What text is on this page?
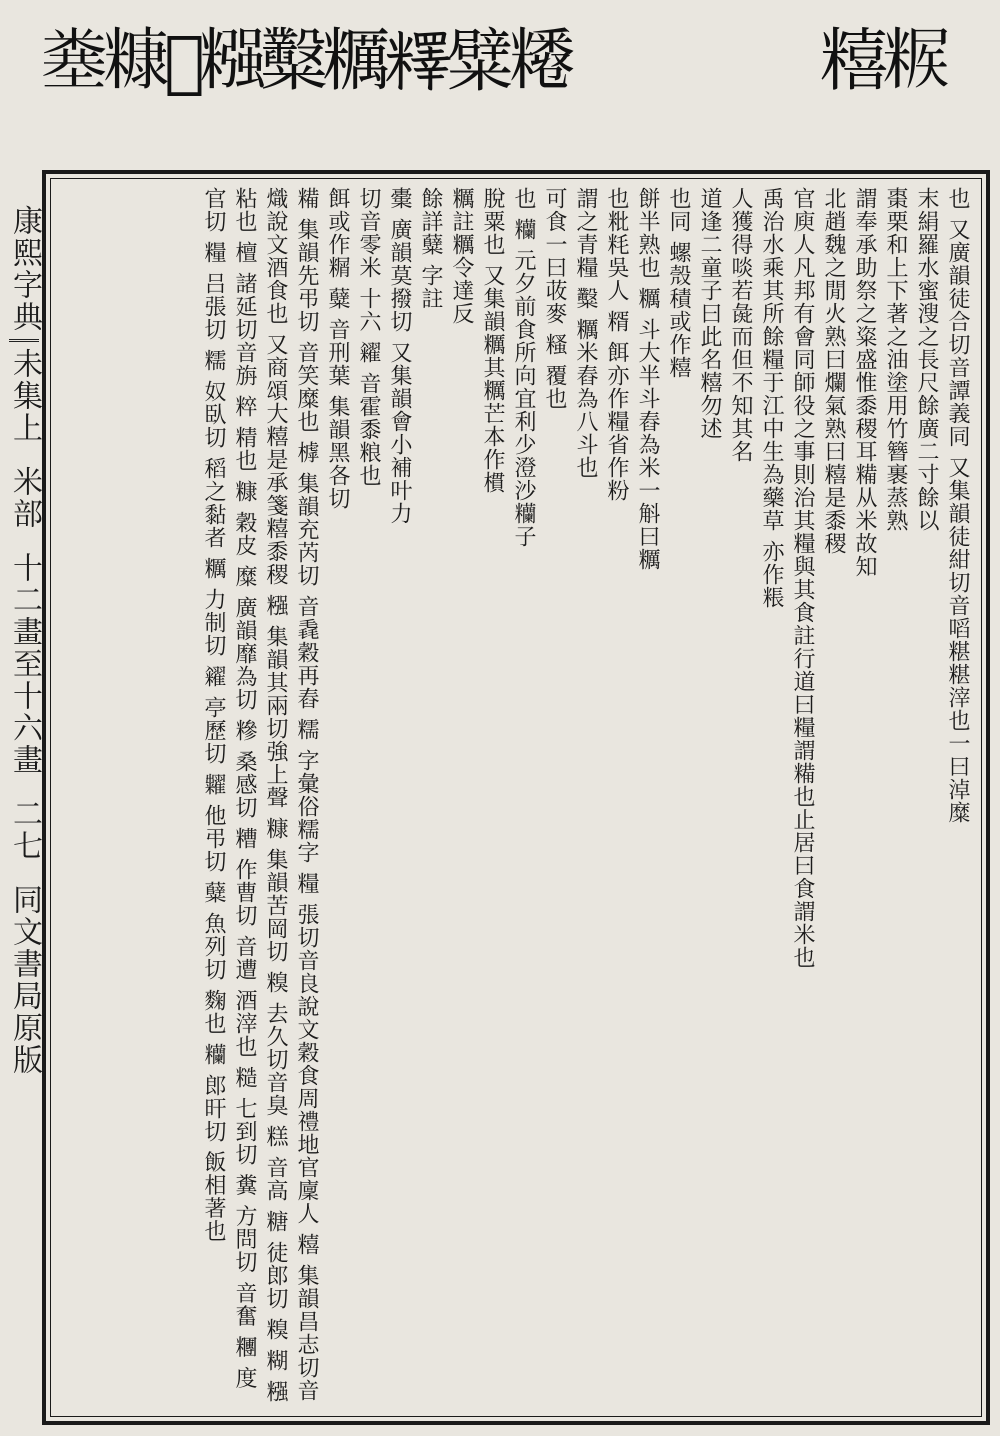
糦𥺶
糳糲𥼶糪𥽊
𥻎糠𥼵糨
康熙字典
未集上
米部
十二畫至十六畫
二七
同文書局原版
也 又廣韻徒合切音譚義同 又集韻徒紺切音㗖糂糂滓也一曰淖糜
末絹羅水蜜溲之長尺餘廣二寸餘以
棗栗和上下著之油塗用竹簪裹蒸熟
謂奉承助祭之粢盛惟黍稷耳糒从米故知
北趙魏之閒火熟曰爛氣熟曰糦是黍稷
官庾人凡邦有會同師役之事則治其糧與其食註行道曰糧謂糒也止居曰食謂米也
禹治水乘其所餘糧于江中生為藥草 亦作粻
人獲得啖若彘而但不知其名
道逢二童子曰此名糦勿述
也同 螺殼積或作糦
餅半熟也 糲 斗大半斗舂為米一斛曰糲
也粃粍吳人 糈 餌亦作糧省作粉
謂之青糧 糳 糲米舂為八斗也
可食一曰荍麥 糔 覆也
也 糷 元夕前食所向宜利少澄沙糷子
脫粟也 又集韻糲其糲芒本作樌
糲註糲令達反
餘詳糵 字註
㯱 廣韻莫撥切 又集韻會小補叶力
切音零米 十六 糴 音霍黍粮也
餌或作糏 糵 音刑葉 集韻黑各切
糒 集韻先弔切 音笑糜也 㯉 集韻充芮切 音毳穀再舂 糯 字彙俗糯字 糧 張切音良說文穀食周禮地官廩人 糦 集韻昌志切音熾說文酒食也 又商頌大糦是承箋糦黍稷 糨 集韻其兩切強上聲 糠 集韻苦岡切 糗 去久切音臭 糕 音高 糖 徒郎切 糗 糊 糨 粘也 檀 諸延切音旃 粹 精也 糠 穀皮 糜 廣韻靡為切 糝 桑感切 糟 作曹切 音遭 酒滓也 糙 七到切 糞 方問切 音奮 糰 度官切 糧 吕張切 糯 奴臥切 稻之黏者 糲 力制切 糴 亭歷切 糶 他弔切 糵 魚列切 麴也 糷 郎旰切 飯相著也
